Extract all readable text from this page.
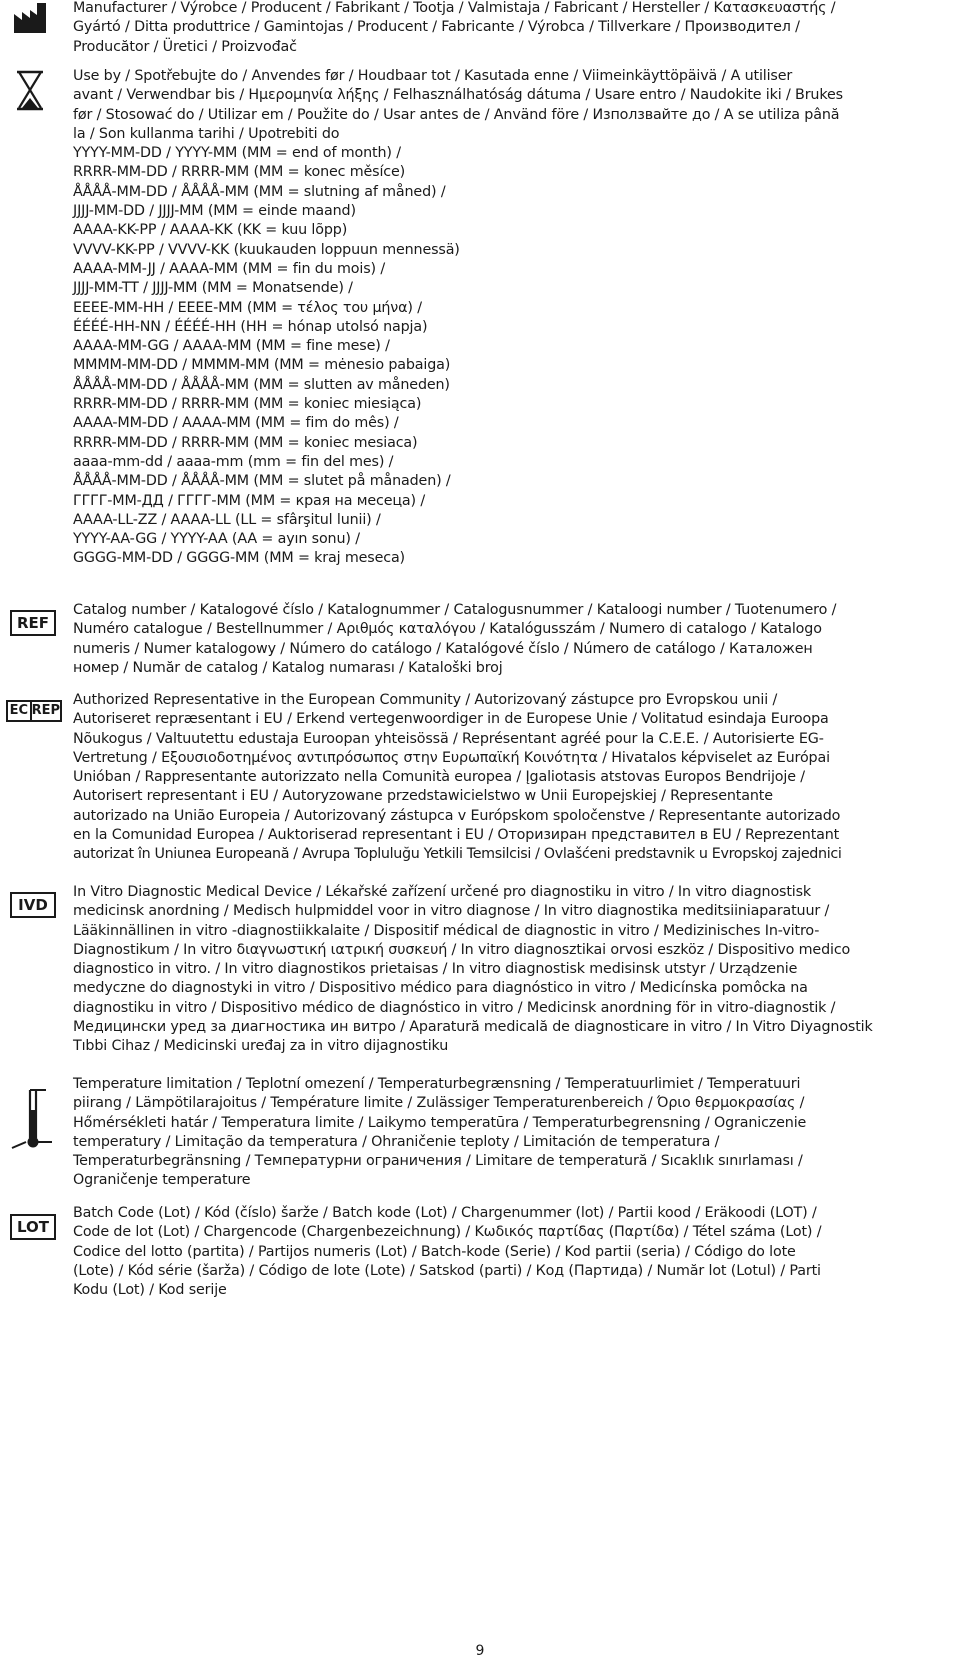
Manufacturer / Výrobce / Producent / Fabrikant / Tootja / Valmistaja / Fabricant / Hersteller / Κατασκευαστής /
Gyártó / Ditta produttrice / Gamintojas / Producent / Fabricante / Výrobca / Tillverkare / Производител /
Producător / Üretici / Proizvođač
Use by / Spotřebujte do / Anvendes før / Houdbaar tot / Kasutada enne / Viimeinkäyttöpäivä / A utiliser
avant / Verwendbar bis / Ημερομηνία λήξης / Felhasználhatóság dátuma / Usare entro / Naudokite iki / Brukes
før / Stosować do / Utilizar em / Použite do / Usar antes de / Använd före / Използвайте до / A se utiliza până
la / Son kullanma tarihi / Upotrebiti do
YYYY-MM-DD / YYYY-MM (MM = end of month) /
RRRR-MM-DD / RRRR-MM (MM = konec měsíce)
ÅÅÅÅ-MM-DD / ÅÅÅÅ-MM (MM = slutning af måned) /
JJJJ-MM-DD / JJJJ-MM (MM = einde maand)
AAAA-KK-PP / AAAA-KK (KK = kuu lõpp)
VVVV-KK-PP / VVVV-KK (kuukauden loppuun mennessä)
AAAA-MM-JJ / AAAA-MM (MM = fin du mois) /
JJJJ-MM-TT / JJJJ-MM (MM = Monatsende) /
ΕΕΕΕ-ΜΜ-ΗΗ / ΕΕΕΕ-ΜΜ (ΜΜ = τέλος του μήνα) /
ÉÉÉÉ-HH-NN / ÉÉÉÉ-HH (HH = hónap utolsó napja)
AAAA-MM-GG / AAAA-MM (MM = fine mese) /
MMMM-MM-DD / MMMM-MM (MM = mėnesio pabaiga)
ÅÅÅÅ-MM-DD / ÅÅÅÅ-MM (MM = slutten av måneden)
RRRR-MM-DD / RRRR-MM (MM = koniec miesiąca)
AAAA-MM-DD / AAAA-MM (MM = fim do mês) /
RRRR-MM-DD / RRRR-MM (MM = koniec mesiaca)
aaaa-mm-dd / aaaa-mm (mm = fin del mes) /
ÅÅÅÅ-MM-DD / ÅÅÅÅ-MM (MM = slutet på månaden) /
ГГГГ-ММ-ДД / ГГГГ-ММ (ММ = края на месеца) /
AAAA-LL-ZZ / AAAA-LL (LL = sfârşitul lunii) /
YYYY-AA-GG / YYYY-AA (AA = ayın sonu) /
GGGG-MM-DD / GGGG-MM (MM = kraj meseca)
REF
Catalog number / Katalogové číslo / Katalognummer / Catalogusnummer / Kataloogi number / Tuotenumero /
Numéro catalogue / Bestellnummer / Αριθμός καταλόγου / Katalógusszám / Numero di catalogo / Katalogo
numeris / Numer katalogowy / Número do catálogo / Katalógové číslo / Número de catálogo / Каталожен
номер / Număr de catalog / Katalog numarası / Kataloški broj
EC REP
Authorized Representative in the European Community / Autorizovaný zástupce pro Evropskou unii /
Autoriseret repræsentant i EU / Erkend vertegenwoordiger in de Europese Unie / Volitatud esindaja Euroopa
Nõukogus / Valtuutettu edustaja Euroopan yhteisössä / Représentant agréé pour la C.E.E. / Autorisierte EG-
Vertretung / Εξουσιοδοτημένος αντιπρόσωπος στην Ευρωπαϊκή Κοινότητα / Hivatalos képviselet az Európai
Unióban / Rappresentante autorizzato nella Comunità europea / Įgaliotasis atstovas Europos Bendrijoje /
Autorisert representant i EU / Autoryzowane przedstawicielstwo w Unii Europejskiej / Representante
autorizado na União Europeia / Autorizovaný zástupca v Európskom spoločenstve / Representante autorizado
en la Comunidad Europea / Auktoriserad representant i EU / Оторизиран представител в EU / Reprezentant
autorizat în Uniunea Europeană / Avrupa Topluluğu Yetkili Temsilcisi / Ovlašćeni predstavnik u Evropskoj zajednici
IVD
In Vitro Diagnostic Medical Device / Lékařské zařízení určené pro diagnostiku in vitro / In vitro diagnostisk
medicinsk anordning / Medisch hulpmiddel voor in vitro diagnose / In vitro diagnostika meditsiiniaparatuur /
Lääkinnällinen in vitro -diagnostiikkalaite / Dispositif médical de diagnostic in vitro / Medizinisches In-vitro-
Diagnostikum / In vitro διαγνωστική ιατρική συσκευή / In vitro diagnosztikai orvosi eszköz / Dispositivo medico
diagnostico in vitro. / In vitro diagnostikos prietaisas / In vitro diagnostisk medisinsk utstyr / Urządzenie
medyczne do diagnostyki in vitro / Dispositivo médico para diagnóstico in vitro / Medicínska pomôcka na
diagnostiku in vitro / Dispositivo médico de diagnóstico in vitro / Medicinsk anordning för in vitro-diagnostik /
Медицински уред за диагностика ин витро / Aparatură medicală de diagnosticare in vitro / In Vitro Diyagnostik
Tıbbi Cihaz / Medicinski uređaj za in vitro dijagnostiku
Temperature limitation / Teplotní omezení / Temperaturbegrænsning / Temperatuurlimiet / Temperatuuri
piirang / Lämpötilarajoitus / Température limite / Zulässiger Temperaturenbereich / Όριο θερμοκρασίας /
Hőmérsékleti határ / Temperatura limite / Laikymo temperatūra / Temperaturbegrensning / Ograniczenie
temperatury / Limitação da temperatura / Ohraničenie teploty / Limitación de temperatura /
Temperaturbegränsning / Температурни ограничения / Limitare de temperatură / Sıcaklık sınırlaması /
Ograničenje temperature
LOT
Batch Code (Lot) / Kód (číslo) šarže / Batch kode (Lot) / Chargenummer (lot) / Partii kood / Eräkoodi (LOT) /
Code de lot (Lot) / Chargencode (Chargenbezeichnung) / Κωδικός παρτίδας (Παρτίδα) / Tétel száma (Lot) /
Codice del lotto (partita) / Partijos numeris (Lot) / Batch-kode (Serie) / Kod partii (seria) / Código do lote
(Lote) / Kód série (šarža) / Código de lote (Lote) / Satskod (parti) / Код (Партида) / Număr lot (Lotul) / Parti
Kodu (Lot) / Kod serije
9
